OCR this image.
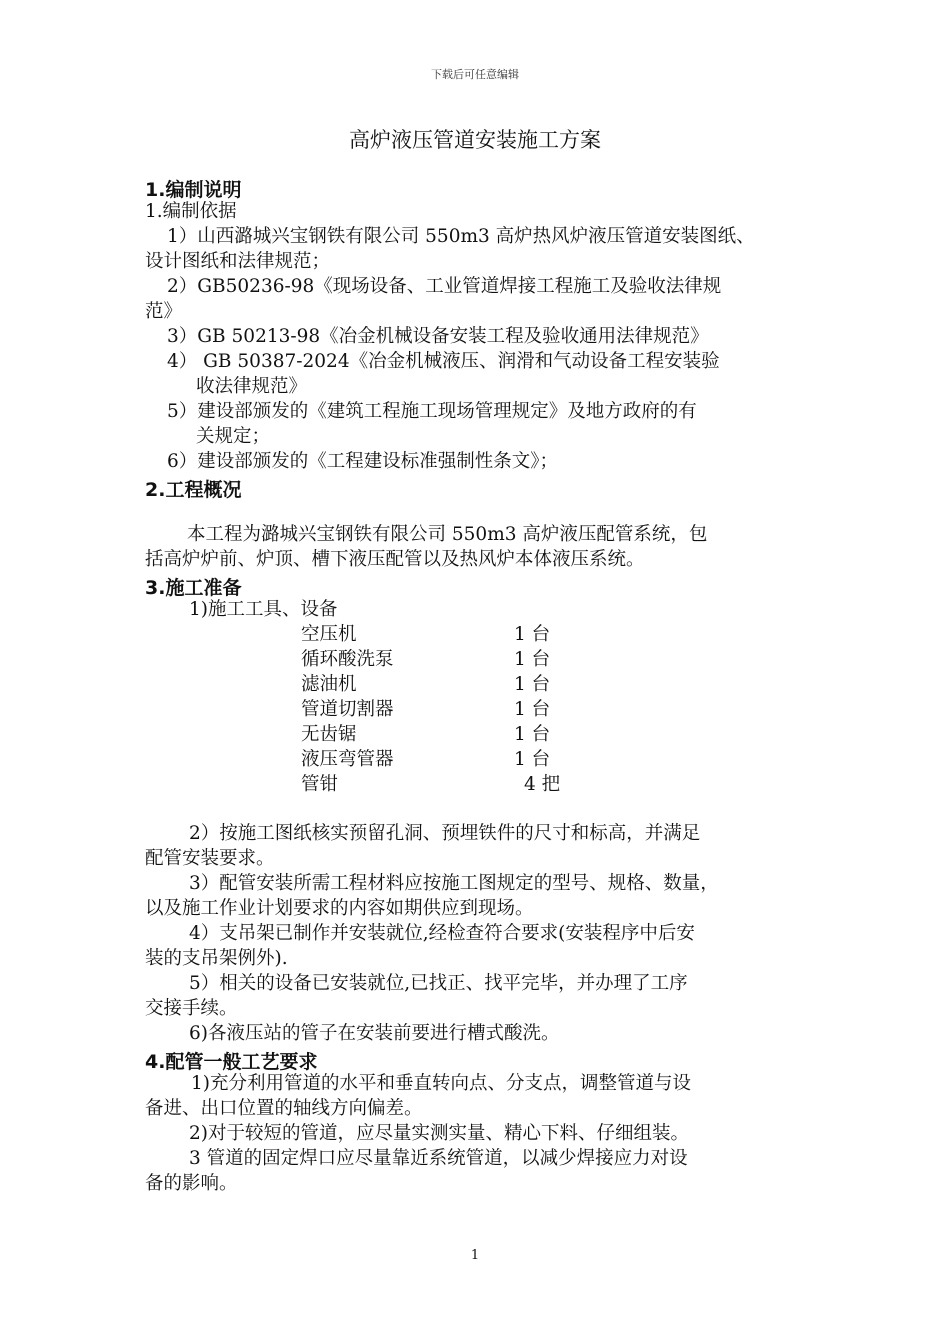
下载后可任意编辑
高炉液压管道安装施工方案
1.编制说明
1.编制依据
1）山西潞城兴宝钢铁有限公司 550m3 高炉热风炉液压管道安装图纸、
设计图纸和法律规范；
2）GB50236-98《现场设备、工业管道焊接工程施工及验收法律规
范》
3）GB 50213-98《冶金机械设备安装工程及验收通用法律规范》
4） GB 50387-2024《冶金机械液压、润滑和气动设备工程安装验
收法律规范》
5）建设部颁发的《建筑工程施工现场管理规定》及地方政府的有
关规定；
6）建设部颁发的《工程建设标准强制性条文》；
2.工程概况
本工程为潞城兴宝钢铁有限公司 550m3 高炉液压配管系统，包
括高炉炉前、炉顶、槽下液压配管以及热风炉本体液压系统。
3.施工准备
1)施工工具、设备
空压机	1 台
循环酸洗泵	1 台
滤油机	1 台
管道切割器	1 台
无齿锯	1 台
液压弯管器	1 台
管钳	4 把
2）按施工图纸核实预留孔洞、预埋铁件的尺寸和标高，并满足
配管安装要求。
3）配管安装所需工程材料应按施工图规定的型号、规格、数量，
以及施工作业计划要求的内容如期供应到现场。
4）支吊架已制作并安装就位,经检查符合要求(安装程序中后安
装的支吊架例外).
5）相关的设备已安装就位,已找正、找平完毕，并办理了工序
交接手续。
6)各液压站的管子在安装前要进行槽式酸洗。
4.配管一般工艺要求
1)充分利用管道的水平和垂直转向点、分支点，调整管道与设
备进、出口位置的轴线方向偏差。
2)对于较短的管道，应尽量实测实量、精心下料、仔细组装。
3 管道的固定焊口应尽量靠近系统管道，以减少焊接应力对设
备的影响。
1
